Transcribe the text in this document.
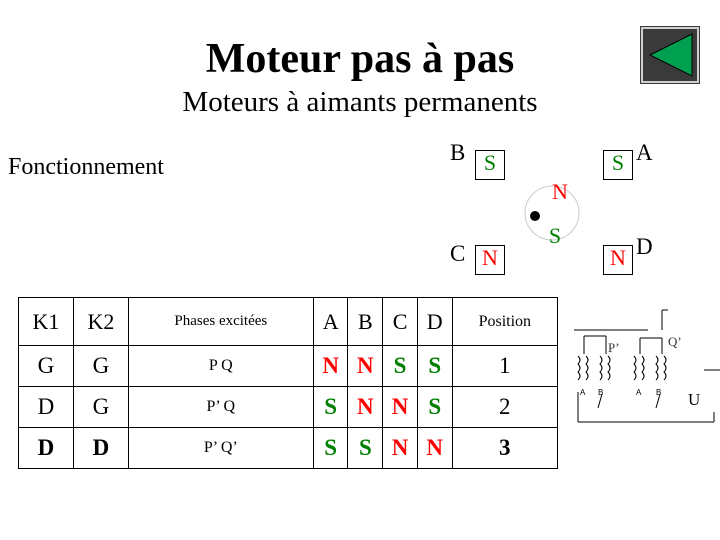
Moteur pas à pas
Moteurs à aimants permanents
Fonctionnement
B S	S A
N
S
C N	N D
K1	K2	Phases excitées	A	B	C	D	Position
G	G	P Q	N	N	S	S	1
D	G	P’ Q	S	N	N	S	2
D	D	P’ Q’	S	S	N	N	3
A B	A B
P’	Q’
U
